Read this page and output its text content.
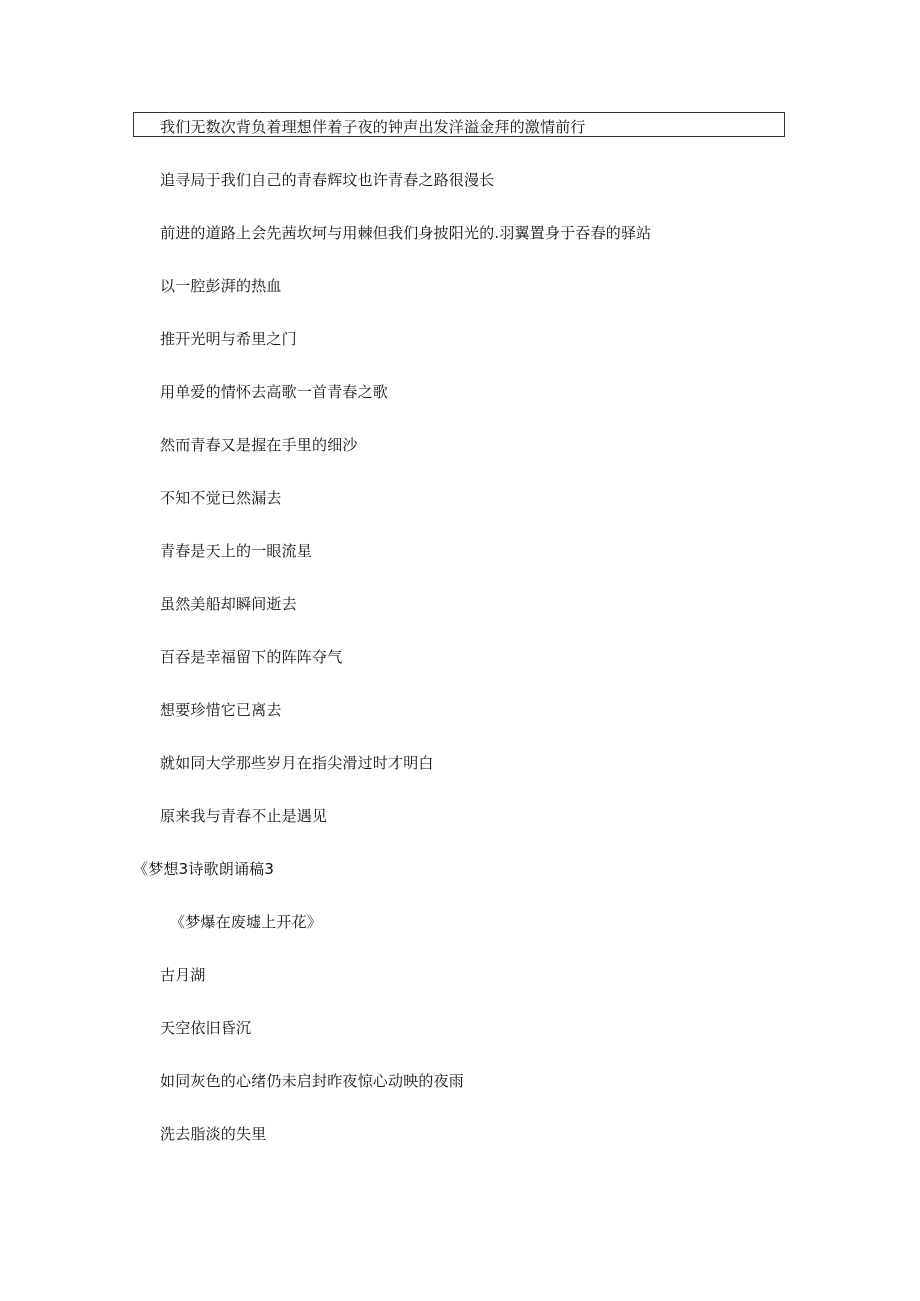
我们无数次背负着理想伴着子夜的钟声出发洋溢金拜的激情前行
追寻局于我们自己的青春辉坟也许青春之路很漫长
前进的道路上会先茜坎坷与用棘但我们身披阳光的.羽翼置身于吞春的驿站
以一腔彭湃的热血
推开光明与希里之门
用单爱的情怀去高歌一首青春之歌
然而青春又是握在手里的细沙
不知不觉已然漏去
青春是天上的一眼流星
虽然美船却瞬间逝去
百吞是幸福留下的阵阵夺气
想要珍惜它已离去
就如同大学那些岁月在指尖滑过时才明白
原来我与青春不止是遇见
《梦想3诗歌朗诵稿3
《梦爆在废墟上开花》
古月湖
天空依旧昏沉
如同灰色的心绪仍未启封昨夜惊心动映的夜雨
洗去脂淡的失里
